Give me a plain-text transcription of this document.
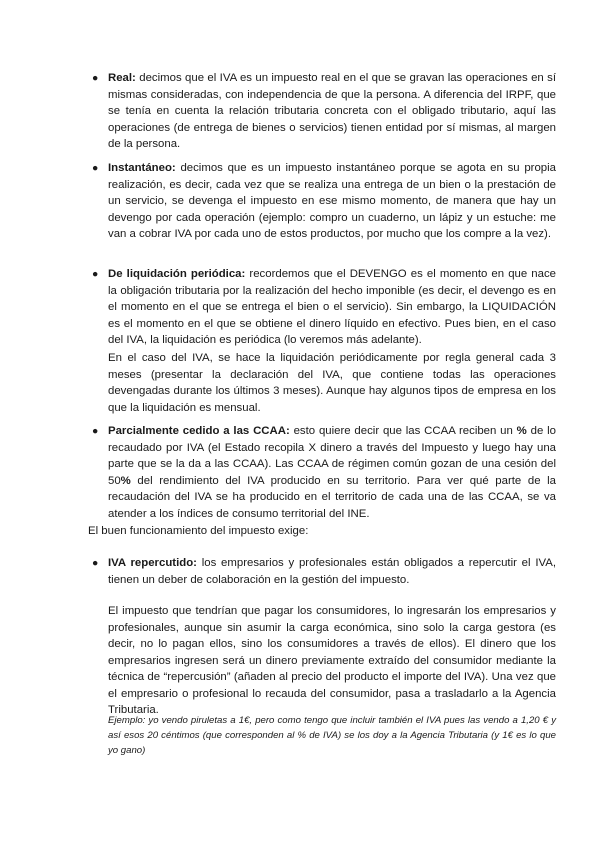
● Real: decimos que el IVA es un impuesto real en el que se gravan las operaciones en sí mismas consideradas, con independencia de que la persona. A diferencia del IRPF, que se tenía en cuenta la relación tributaria concreta con el obligado tributario, aquí las operaciones (de entrega de bienes o servicios) tienen entidad por sí mismas, al margen de la persona.

● Instantáneo: decimos que es un impuesto instantáneo porque se agota en su propia realización, es decir, cada vez que se realiza una entrega de un bien o la prestación de un servicio, se devenga el impuesto en ese mismo momento, de manera que hay un devengo por cada operación (ejemplo: compro un cuaderno, un lápiz y un estuche: me van a cobrar IVA por cada uno de estos productos, por mucho que los compre a la vez).

● De liquidación periódica: recordemos que el DEVENGO es el momento en que nace la obligación tributaria por la realización del hecho imponible (es decir, el devengo es en el momento en el que se entrega el bien o el servicio). Sin embargo, la LIQUIDACIÓN es el momento en el que se obtiene el dinero líquido en efectivo. Pues bien, en el caso del IVA, la liquidación es periódica (lo veremos más adelante).

En el caso del IVA, se hace la liquidación periódicamente por regla general cada 3 meses (presentar la declaración del IVA, que contiene todas las operaciones devengadas durante los últimos 3 meses). Aunque hay algunos tipos de empresa en los que la liquidación es mensual.

● Parcialmente cedido a las CCAA: esto quiere decir que las CCAA reciben un % de lo recaudado por IVA (el Estado recopila X dinero a través del Impuesto y luego hay una parte que se la da a las CCAA). Las CCAA de régimen común gozan de una cesión del 50% del rendimiento del IVA producido en su territorio. Para ver qué parte de la recaudación del IVA se ha producido en el territorio de cada una de las CCAA, se va atender a los índices de consumo territorial del INE.

El buen funcionamiento del impuesto exige:

● IVA repercutido: los empresarios y profesionales están obligados a repercutir el IVA, tienen un deber de colaboración en la gestión del impuesto.

El impuesto que tendrían que pagar los consumidores, lo ingresarán los empresarios y profesionales, aunque sin asumir la carga económica, sino solo la carga gestora (es decir, no lo pagan ellos, sino los consumidores a través de ellos). El dinero que los empresarios ingresen será un dinero previamente extraído del consumidor mediante la técnica de “repercusión” (añaden al precio del producto el importe del IVA). Una vez que el empresario o profesional lo recauda del consumidor, pasa a trasladarlo a la Agencia Tributaria.

Ejemplo: yo vendo piruletas a 1€, pero como tengo que incluir también el IVA pues las vendo a 1,20 € y así esos 20 céntimos (que corresponden al % de IVA) se los doy a la Agencia Tributaria (y 1€ es lo que yo gano)
